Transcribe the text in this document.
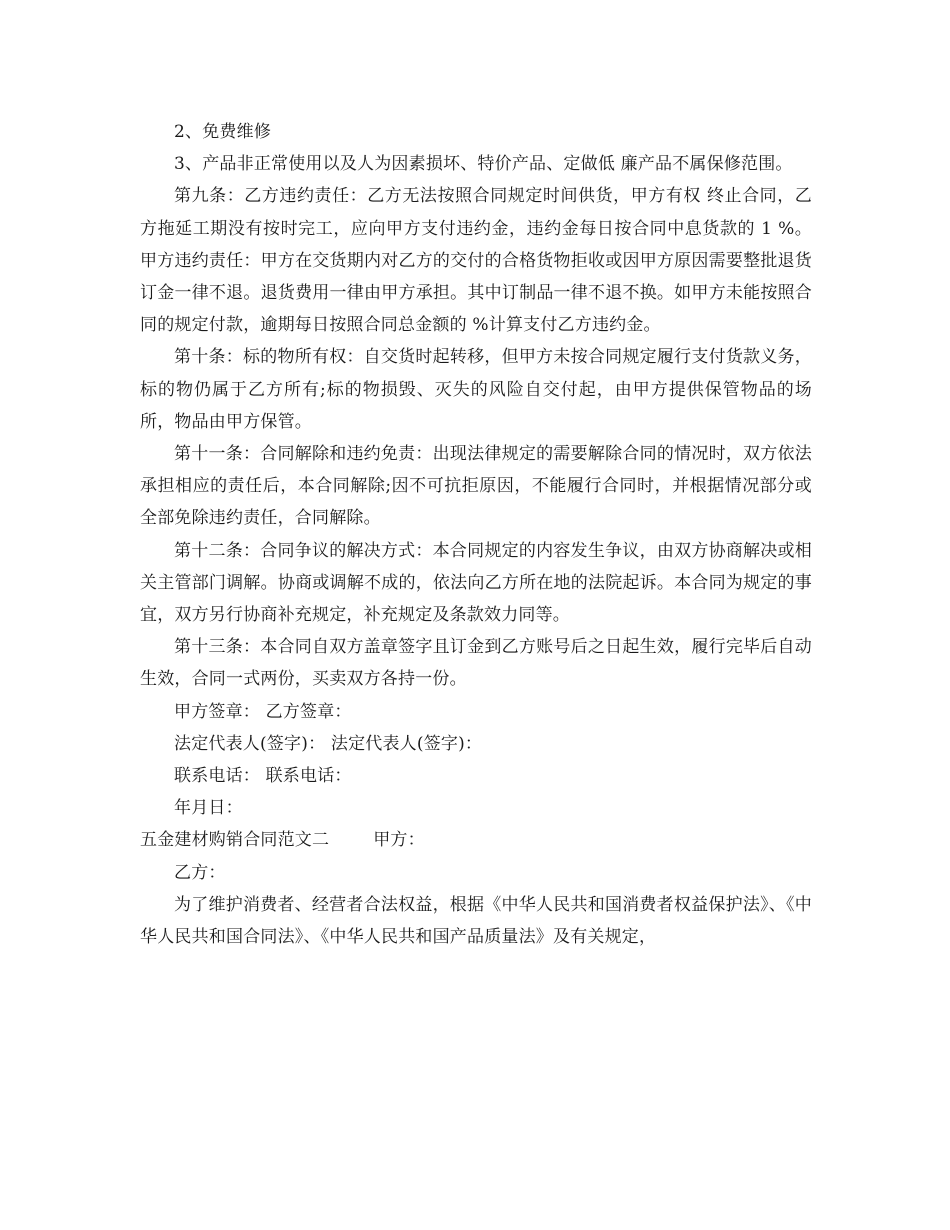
2、免费维修

3、产品非正常使用以及人为因素损坏、特价产品、定做低 廉产品不属保修范围。

第九条：乙方违约责任：乙方无法按照合同规定时间供货，甲方有权 终止合同，乙方拖延工期没有按时完工，应向甲方支付违约金，违约金每日按合同中息货款的 1 %。甲方违约责任：甲方在交货期内对乙方的交付的合格货物拒收或因甲方原因需要整批退货订金一律不退。退货费用一律由甲方承担。其中订制品一律不退不换。如甲方未能按照合同的规定付款，逾期每日按照合同总金额的 %计算支付乙方违约金。

第十条：标的物所有权：自交货时起转移，但甲方未按合同规定履行支付货款义务，标的物仍属于乙方所有;标的物损毁、灭失的风险自交付起，由甲方提供保管物品的场所，物品由甲方保管。

第十一条：合同解除和违约免责：出现法律规定的需要解除合同的情况时，双方依法承担相应的责任后，本合同解除;因不可抗拒原因，不能履行合同时，并根据情况部分或全部免除违约责任，合同解除。

第十二条：合同争议的解决方式：本合同规定的内容发生争议，由双方协商解决或相关主管部门调解。协商或调解不成的，依法向乙方所在地的法院起诉。本合同为规定的事宜，双方另行协商补充规定，补充规定及条款效力同等。

第十三条：本合同自双方盖章签字且订金到乙方账号后之日起生效，履行完毕后自动生效，合同一式两份，买卖双方各持一份。

甲方签章： 乙方签章：

法定代表人(签字)： 法定代表人(签字)：

联系电话： 联系电话：

年月日：

五金建材购销合同范文二	甲方：

乙方：

为了维护消费者、经营者合法权益，根据《中华人民共和国消费者权益保护法》、《中华人民共和国合同法》、《中华人民共和国产品质量法》及有关规定，
